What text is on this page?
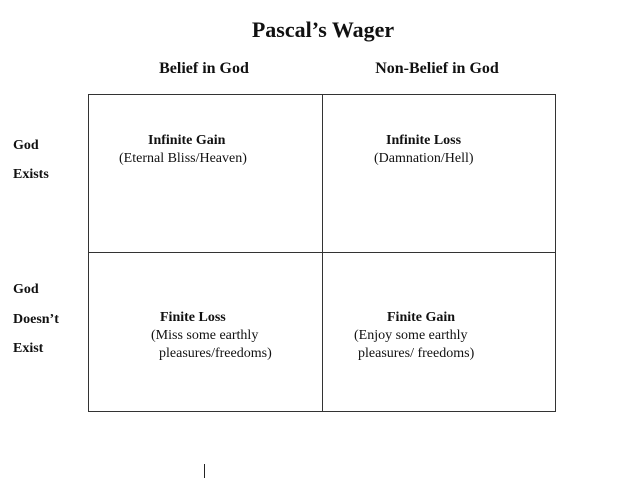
Pascal’s Wager
Belief in God	Non-Belief in God
God
Exists
God
Doesn’t
Exist
Infinite Gain
(Eternal Bliss/Heaven)
Infinite Loss
(Damnation/Hell)
Finite Loss
(Miss some earthly
pleasures/freedoms)
Finite Gain
(Enjoy some earthly
pleasures/ freedoms)
